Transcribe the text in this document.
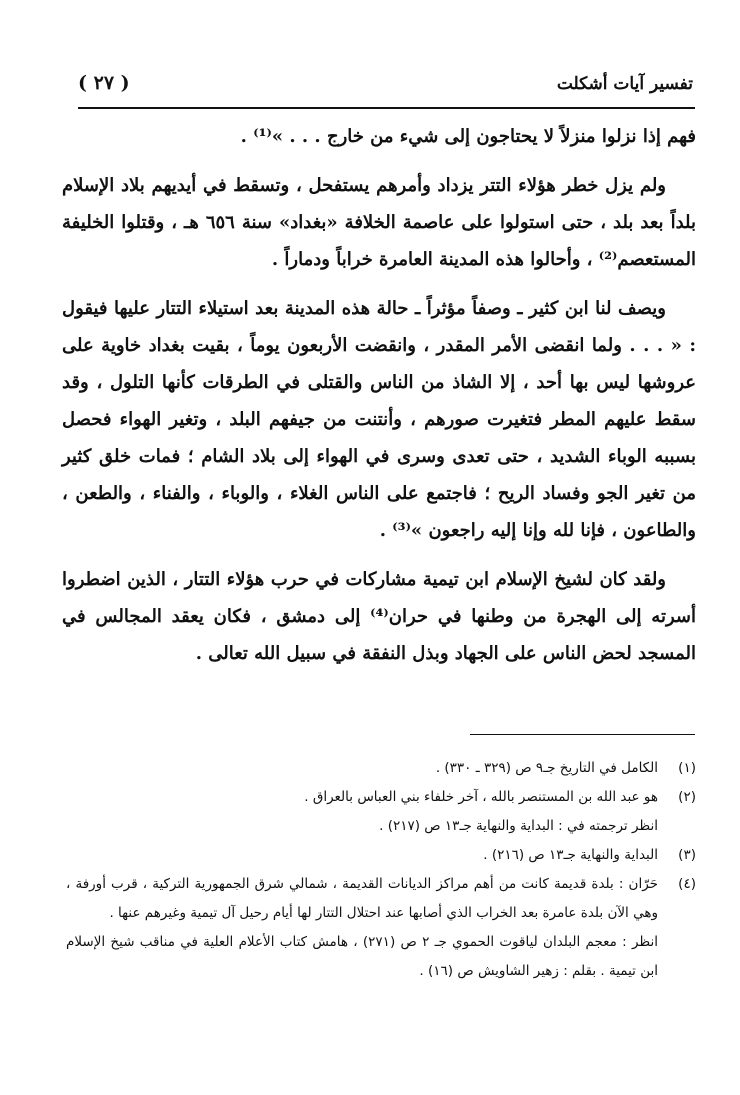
تفسير آيات أشكلت
( ٢٧ )

فهم إذا نزلوا منزلاً لا يحتاجون إلى شيء من خارج . . . »⁽¹⁾ .

ولم يزل خطر هؤلاء التتر يزداد وأمرهم يستفحل ، وتسقط في أيديهم بلاد الإسلام بلداً بعد بلد ، حتى استولوا على عاصمة الخلافة «بغداد» سنة ٦٥٦ هـ ، وقتلوا الخليفة المستعصم⁽²⁾ ، وأحالوا هذه المدينة العامرة خراباً ودماراً .

ويصف لنا ابن كثير ـ وصفاً مؤثراً ـ حالة هذه المدينة بعد استيلاء التتار عليها فيقول : « . . . ولما انقضى الأمر المقدر ، وانقضت الأربعون يوماً ، بقيت بغداد خاوية على عروشها ليس بها أحد ، إلا الشاذ من الناس والقتلى في الطرقات كأنها التلول ، وقد سقط عليهم المطر فتغيرت صورهم ، وأنتنت من جيفهم البلد ، وتغير الهواء فحصل بسببه الوباء الشديد ، حتى تعدى وسرى في الهواء إلى بلاد الشام ؛ فمات خلق كثير من تغير الجو وفساد الريح ؛ فاجتمع على الناس الغلاء ، والوباء ، والفناء ، والطعن ، والطاعون ، فإنا لله وإنا إليه راجعون »⁽³⁾ .

ولقد كان لشيخ الإسلام ابن تيمية مشاركات في حرب هؤلاء التتار ، الذين اضطروا أسرته إلى الهجرة من وطنها في حران⁽⁴⁾ إلى دمشق ، فكان يعقد المجالس في المسجد لحض الناس على الجهاد وبذل النفقة في سبيل الله تعالى .

(١)
الكامل في التاريخ جـ٩ ص (٣٢٩ ـ ٣٣٠) .
(٢)
هو عبد الله بن المستنصر بالله ، آخر خلفاء بني العباس بالعراق .
انظر ترجمته في : البداية والنهاية جـ١٣ ص (٢١٧) .
(٣)
البداية والنهاية جـ١٣ ص (٢١٦) .
(٤)
حَرّان : بلدة قديمة كانت من أهم مراكز الديانات القديمة ، شمالي شرق الجمهورية التركية ، قرب أورفة ، وهي الآن بلدة عامرة بعد الخراب الذي أصابها عند احتلال التتار لها أيام رحيل آل تيمية وغيرهم عنها .
انظر : معجم البلدان لياقوت الحموي جـ ٢ ص (٢٧١) ، هامش كتاب الأعلام العلية في مناقب شيخ الإسلام ابن تيمية . بقلم : زهير الشاويش ص (١٦) .
